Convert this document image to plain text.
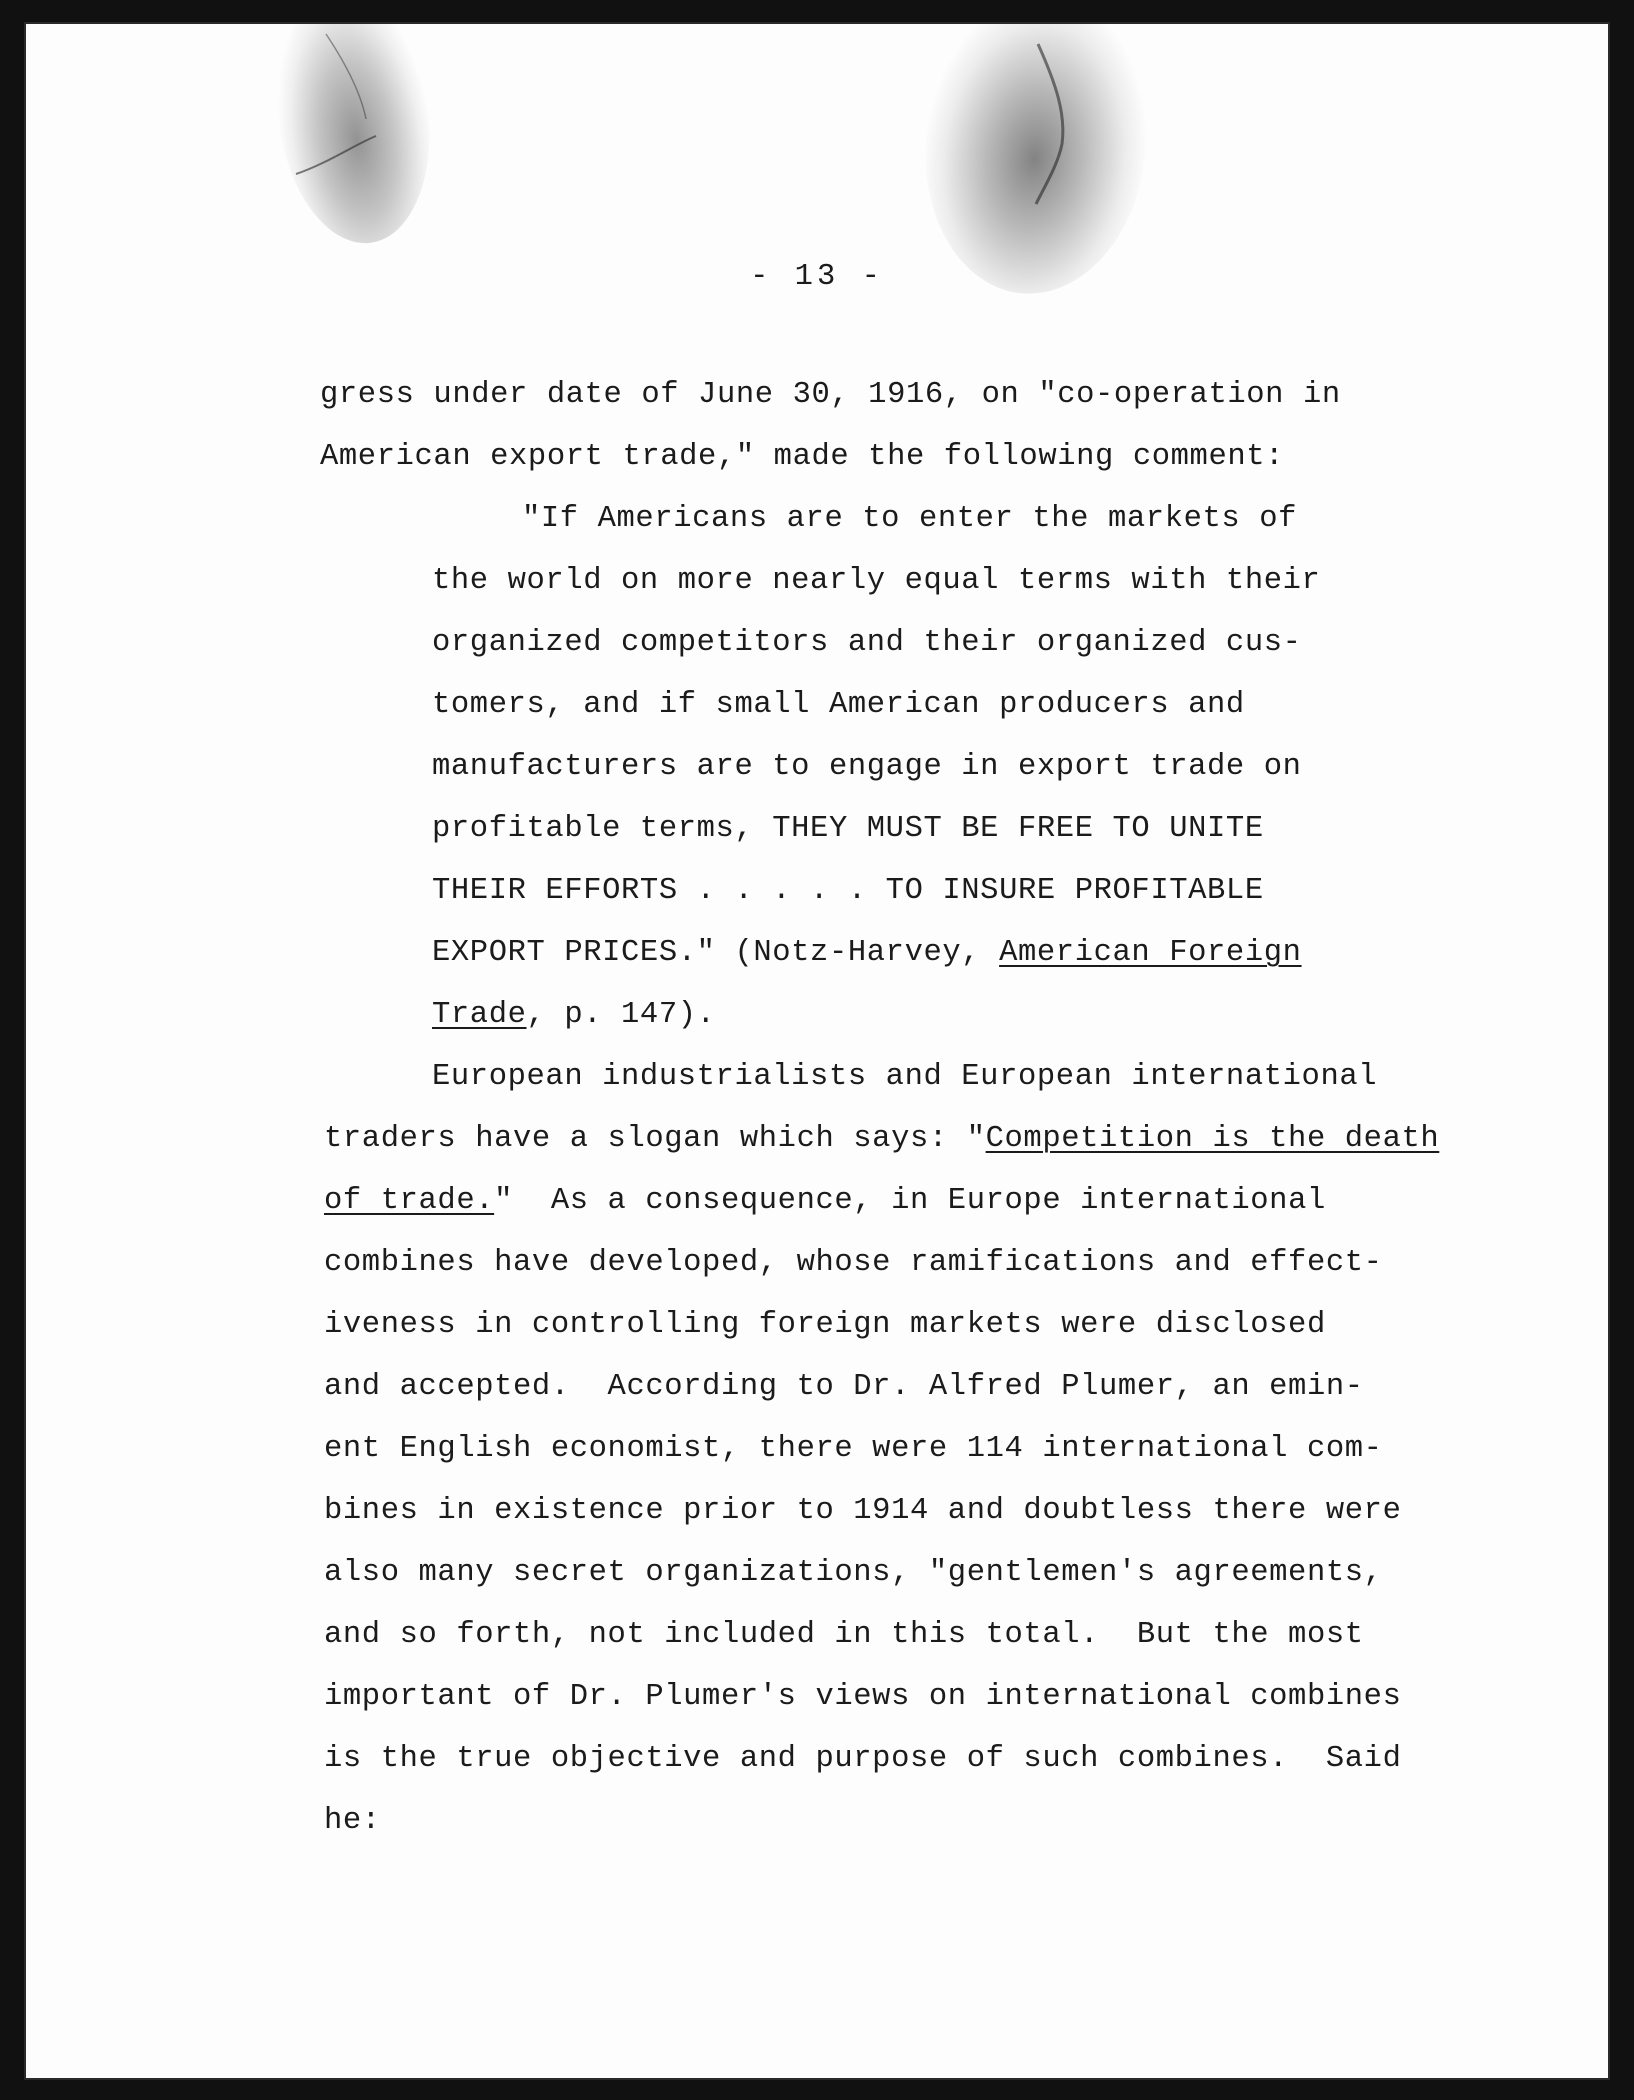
- 13 -
gress under date of June 30, 1916, on "co-operation in
American export trade," made the following comment:
"If Americans are to enter the markets of
the world on more nearly equal terms with their
organized competitors and their organized cus-
tomers, and if small American producers and
manufacturers are to engage in export trade on
profitable terms, THEY MUST BE FREE TO UNITE
THEIR EFFORTS . . . . . TO INSURE PROFITABLE
EXPORT PRICES." (Notz-Harvey, American Foreign
Trade, p. 147).
European industrialists and European international
traders have a slogan which says: "Competition is the death
of trade."  As a consequence, in Europe international
combines have developed, whose ramifications and effect-
iveness in controlling foreign markets were disclosed
and accepted.  According to Dr. Alfred Plumer, an emin-
ent English economist, there were 114 international com-
bines in existence prior to 1914 and doubtless there were
also many secret organizations, "gentlemen's agreements,
and so forth, not included in this total.  But the most
important of Dr. Plumer's views on international combines
is the true objective and purpose of such combines.  Said
he:
